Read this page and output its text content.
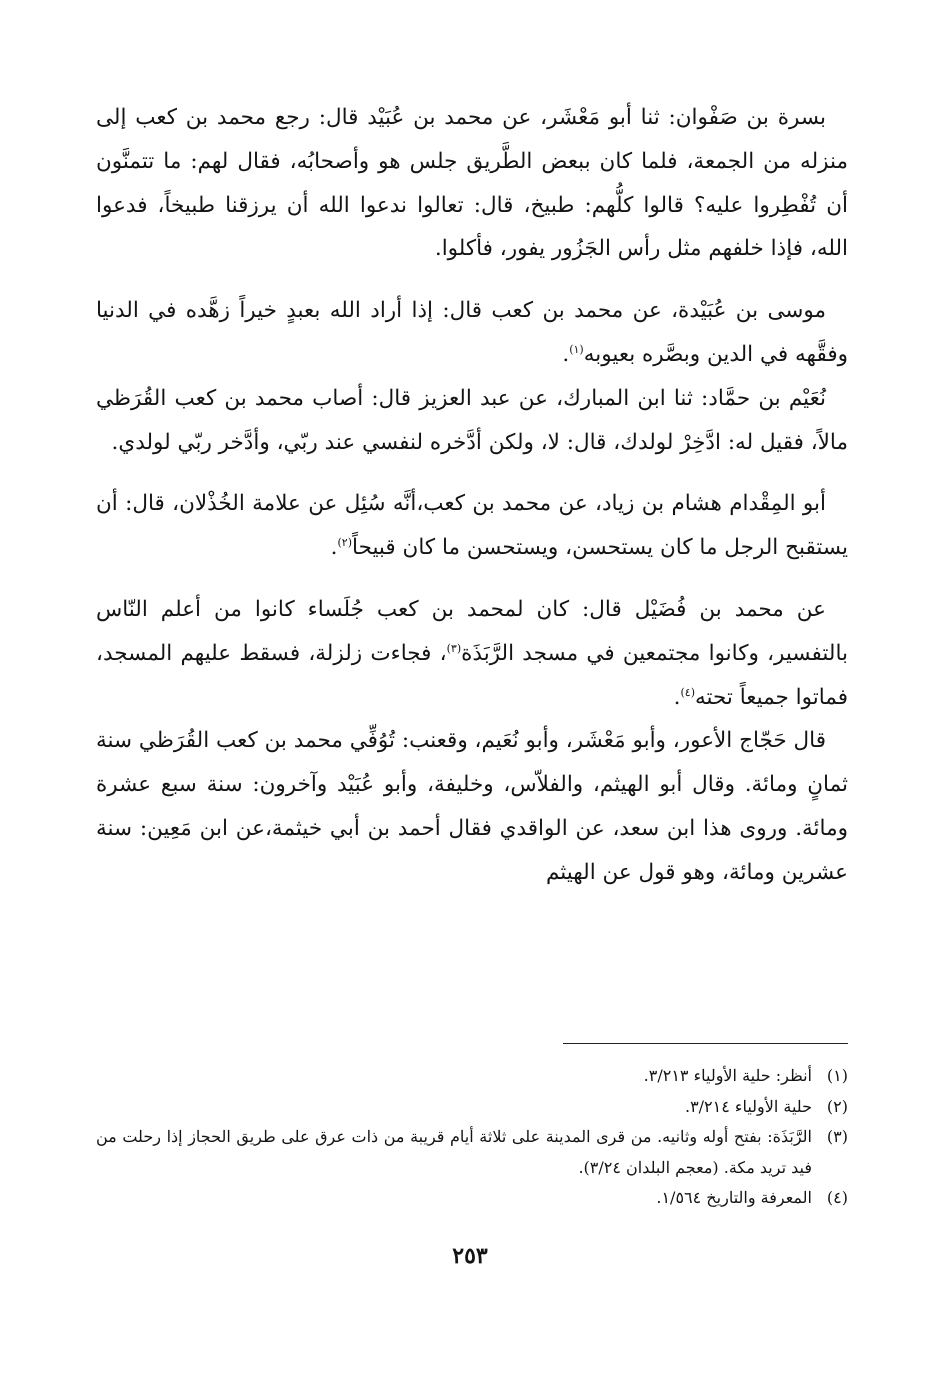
بسرة بن صَفْوان: ثنا أبو مَعْشَر، عن محمد بن عُبَيْد قال: رجع محمد بن كعب إلى منزله من الجمعة، فلما كان ببعض الطَّريق جلس هو وأصحابُه، فقال لهم: ما تتمنَّون أن تُفْطِروا عليه؟ قالوا كلُّهم: طبيخ، قال: تعالوا ندعوا الله أن يرزقنا طبيخاً، فدعوا الله، فإذا خلفهم مثل رأس الجَزُور يفور، فأكلوا.

موسى بن عُبَيْدة، عن محمد بن كعب قال: إذا أراد الله بعبدٍ خيراً زهَّده في الدنيا وفقَّهه في الدين وبصَّره بعيوبه$^{(١)}$.

نُعَيْم بن حمَّاد: ثنا ابن المبارك، عن عبد العزيز قال: أصاب محمد بن كعب القُرَظي مالاً، فقيل له: ادَّخِرْ لولدك، قال: لا، ولكن أدَّخره لنفسي عند ربّي، وأدَّخر ربّي لولدي.

أبو المِقْدام هشام بن زياد، عن محمد بن كعب،أنَّه سُئِل عن علامة الخُذْلان، قال: أن يستقبح الرجل ما كان يستحسن، ويستحسن ما كان قبيحاً$^{(٢)}$.

عن محمد بن فُضَيْل قال: كان لمحمد بن كعب جُلَساء كانوا من أعلم النّاس بالتفسير، وكانوا مجتمعين في مسجد الرَّبَذَة$^{(٣)}$، فجاءت زلزلة، فسقط عليهم المسجد، فماتوا جميعاً تحته$^{(٤)}$.

قال حَجّاج الأعور، وأبو مَعْشَر، وأبو نُعَيم، وقعنب: تُوُفِّي محمد بن كعب القُرَظي سنة ثمانٍ ومائة. وقال أبو الهيثم، والفلاّس، وخليفة، وأبو عُبَيْد وآخرون: سنة سبع عشرة ومائة. وروى هذا ابن سعد، عن الواقدي فقال أحمد بن أبي خيثمة،عن ابن مَعِين: سنة عشرين ومائة، وهو قول عن الهيثم

(١)
أنظر: حلية الأولياء ٣/٢١٣.
(٢)
حلية الأولياء ٣/٢١٤.
(٣)
الرَّبَذَة: بفتح أوله وثانيه. من قرى المدينة على ثلاثة أيام قريبة من ذات عرق على طريق الحجاز إذا رحلت من فيد تريد مكة. (معجم البلدان ٣/٢٤).
(٤)
المعرفة والتاريخ ١/٥٦٤.
٢٥٣
